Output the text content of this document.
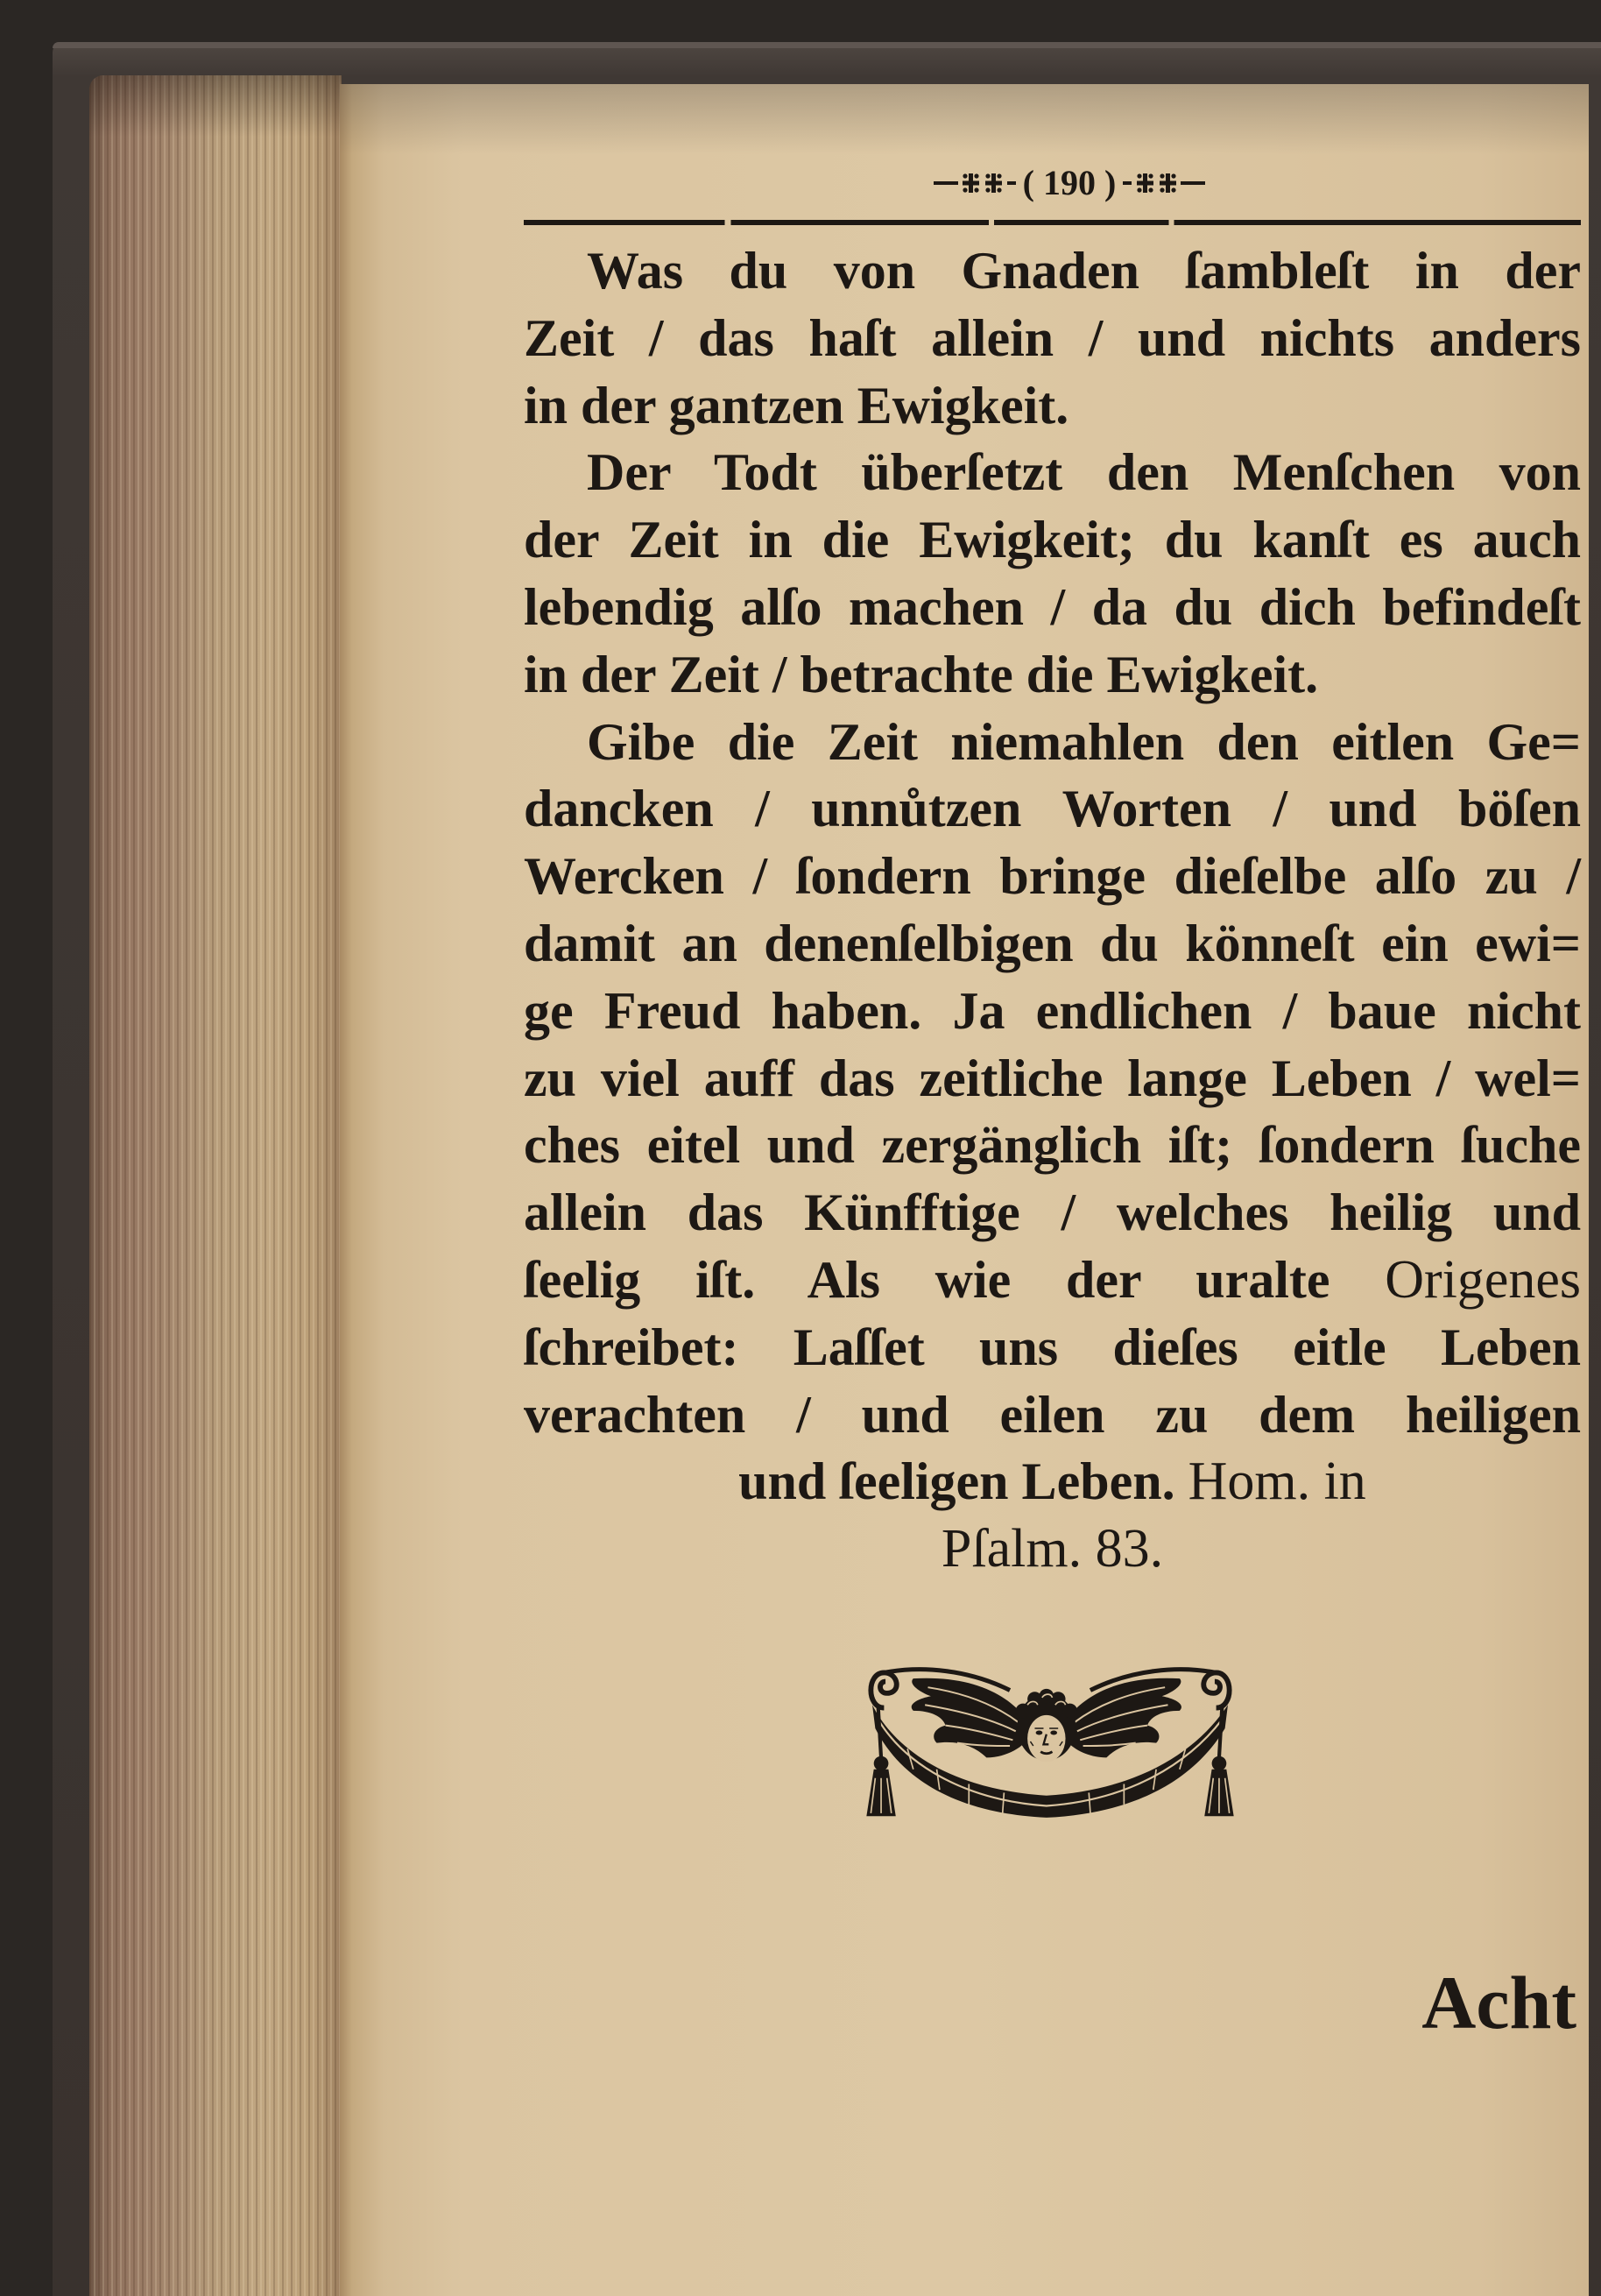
( 190 )
Was du von Gnaden ſambleſt in der
Zeit / das haſt allein / und nichts anders
in der gantzen Ewigkeit.
Der Todt überſetzt den Menſchen von
der Zeit in die Ewigkeit; du kanſt es auch
lebendig alſo machen / da du dich befindeſt
in der Zeit / betrachte die Ewigkeit.
Gibe die Zeit niemahlen den eitlen Ge=
dancken / unnůtzen Worten / und böſen
Wercken / ſondern bringe dieſelbe alſo zu /
damit an denenſelbigen du könneſt ein ewi=
ge Freud haben. Ja endlichen / baue nicht
zu viel auff das zeitliche lange Leben / wel=
ches eitel und zergänglich iſt; ſondern ſuche
allein das Künfftige / welches heilig und
ſeelig iſt. Als wie der uralte Origenes
ſchreibet: Laſſet uns dieſes eitle Leben
verachten / und eilen zu dem heiligen
und ſeeligen Leben. Hom. in
Pſalm. 83.
Acht
